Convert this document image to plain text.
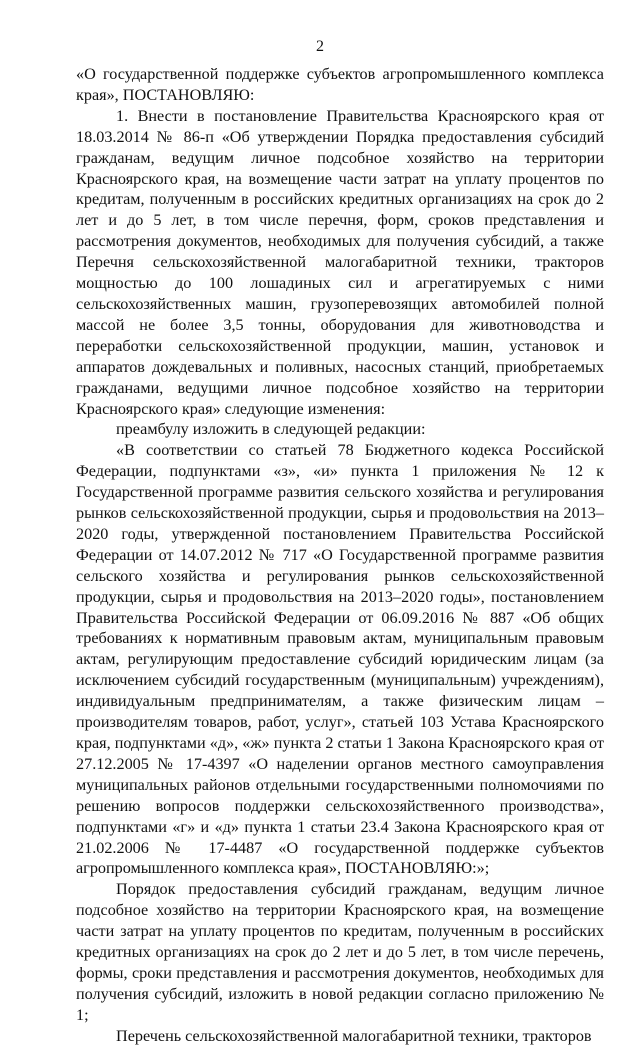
2

«О государственной поддержке субъектов агропромышленного комплекса края», ПОСТАНОВЛЯЮ:

1. Внести в постановление Правительства Красноярского края от 18.03.2014 № 86-п «Об утверждении Порядка предоставления субсидий гражданам, ведущим личное подсобное хозяйство на территории Красноярского края, на возмещение части затрат на уплату процентов по кредитам, полученным в российских кредитных организациях на срок до 2 лет и до 5 лет, в том числе перечня, форм, сроков представления и рассмотрения документов, необходимых для получения субсидий, а также Перечня сельскохозяйственной малогабаритной техники, тракторов мощностью до 100 лошадиных сил и агрегатируемых с ними сельскохозяйственных машин, грузоперевозящих автомобилей полной массой не более 3,5 тонны, оборудования для животноводства и переработки сельскохозяйственной продукции, машин, установок и аппаратов дождевальных и поливных, насосных станций, приобретаемых гражданами, ведущими личное подсобное хозяйство на территории Красноярского края» следующие изменения:

преамбулу изложить в следующей редакции:

«В соответствии со статьей 78 Бюджетного кодекса Российской Федерации, подпунктами «з», «и» пункта 1 приложения № 12 к Государственной программе развития сельского хозяйства и регулирования рынков сельскохозяйственной продукции, сырья и продовольствия на 2013–2020 годы, утвержденной постановлением Правительства Российской Федерации от 14.07.2012 № 717 «О Государственной программе развития сельского хозяйства и регулирования рынков сельскохозяйственной продукции, сырья и продовольствия на 2013–2020 годы», постановлением Правительства Российской Федерации от 06.09.2016 № 887 «Об общих требованиях к нормативным правовым актам, муниципальным правовым актам, регулирующим предоставление субсидий юридическим лицам (за исключением субсидий государственным (муниципальным) учреждениям), индивидуальным предпринимателям, а также физическим лицам – производителям товаров, работ, услуг», статьей 103 Устава Красноярского края, подпунктами «д», «ж» пункта 2 статьи 1 Закона Красноярского края от 27.12.2005 № 17-4397 «О наделении органов местного самоуправления муниципальных районов отдельными государственными полномочиями по решению вопросов поддержки сельскохозяйственного производства», подпунктами «г» и «д» пункта 1 статьи 23.4 Закона Красноярского края от 21.02.2006 № 17-4487 «О государственной поддержке субъектов агропромышленного комплекса края», ПОСТАНОВЛЯЮ:»;

Порядок предоставления субсидий гражданам, ведущим личное подсобное хозяйство на территории Красноярского края, на возмещение части затрат на уплату процентов по кредитам, полученным в российских кредитных организациях на срок до 2 лет и до 5 лет, в том числе перечень, формы, сроки представления и рассмотрения документов, необходимых для получения субсидий, изложить в новой редакции согласно приложению № 1;

Перечень сельскохозяйственной малогабаритной техники, тракторов
